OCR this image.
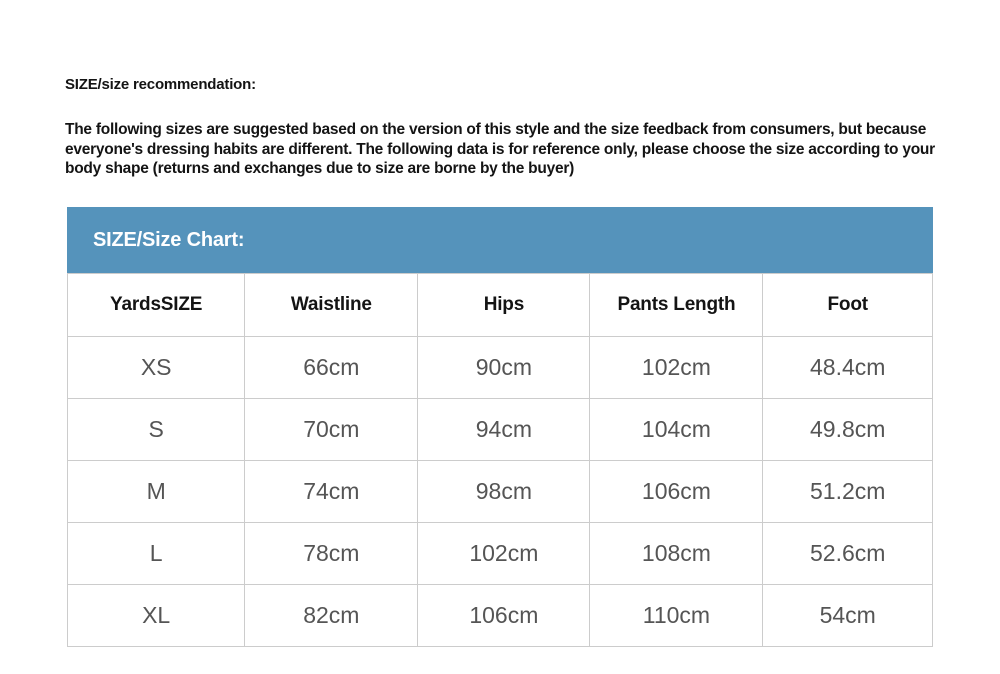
SIZE/size recommendation:
The following sizes are suggested based on the version of this style and the size feedback from consumers, but because everyone's dressing habits are different. The following data is for reference only, please choose the size according to your body shape (returns and exchanges due to size are borne by the buyer)
SIZE/Size Chart:
YardsSIZE	Waistline	Hips	Pants Length	Foot
XS	66cm	90cm	102cm	48.4cm
S	70cm	94cm	104cm	49.8cm
M	74cm	98cm	106cm	51.2cm
L	78cm	102cm	108cm	52.6cm
XL	82cm	106cm	110cm	54cm
